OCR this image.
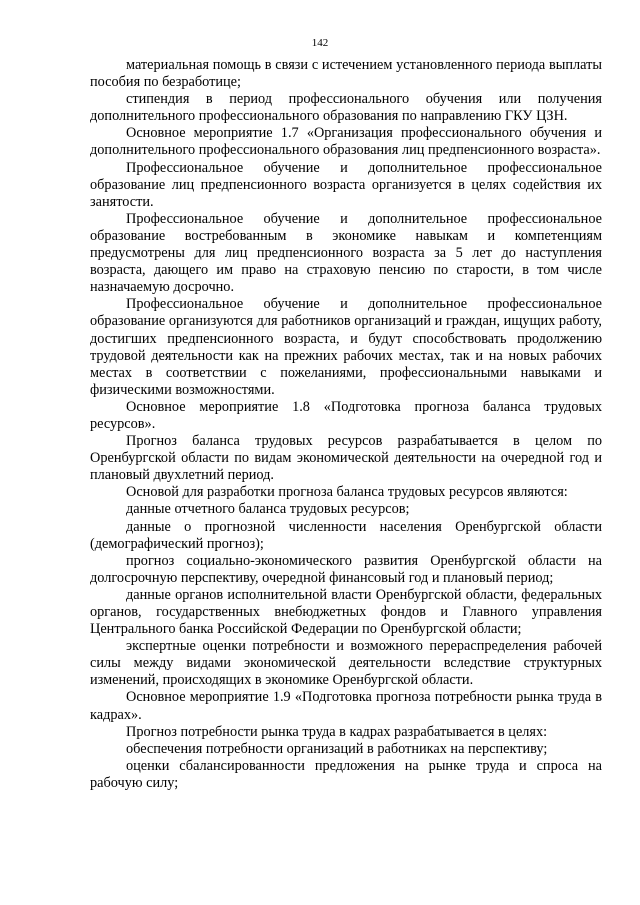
142

материальная помощь в связи с истечением установленного периода выплаты пособия по безработице;

стипендия в период профессионального обучения или получения дополнительного профессионального образования по направлению ГКУ ЦЗН.

Основное мероприятие 1.7 «Организация профессионального обучения и дополнительного профессионального образования лиц предпенсионного возраста».

Профессиональное обучение и дополнительное профессиональное образование лиц предпенсионного возраста организуется в целях содействия их занятости.

Профессиональное обучение и дополнительное профессиональное образование востребованным в экономике навыкам и компетенциям предусмотрены для лиц предпенсионного возраста за 5 лет до наступления возраста, дающего им право на страховую пенсию по старости, в том числе назначаемую досрочно.

Профессиональное обучение и дополнительное профессиональное образование организуются для работников организаций и граждан, ищущих работу, достигших предпенсионного возраста, и будут способствовать продолжению трудовой деятельности как на прежних рабочих местах, так и на новых рабочих местах в соответствии с пожеланиями, профессиональными навыками и физическими возможностями.

Основное мероприятие 1.8 «Подготовка прогноза баланса трудовых ресурсов».

Прогноз баланса трудовых ресурсов разрабатывается в целом по Оренбургской области по видам экономической деятельности на очередной год и плановый двухлетний период.

Основой для разработки прогноза баланса трудовых ресурсов являются:

данные отчетного баланса трудовых ресурсов;

данные о прогнозной численности населения Оренбургской области (демографический прогноз);

прогноз социально-экономического развития Оренбургской области на долгосрочную перспективу, очередной финансовый год и плановый период;

данные органов исполнительной власти Оренбургской области, федеральных органов, государственных внебюджетных фондов и Главного управления Центрального банка Российской Федерации по Оренбургской области;

экспертные оценки потребности и возможного перераспределения рабочей силы между видами экономической деятельности вследствие структурных изменений, происходящих в экономике Оренбургской области.

Основное мероприятие 1.9 «Подготовка прогноза потребности рынка труда в кадрах».

Прогноз потребности рынка труда в кадрах разрабатывается в целях:

обеспечения потребности организаций в работниках на перспективу;

оценки сбалансированности предложения на рынке труда и спроса на рабочую силу;
